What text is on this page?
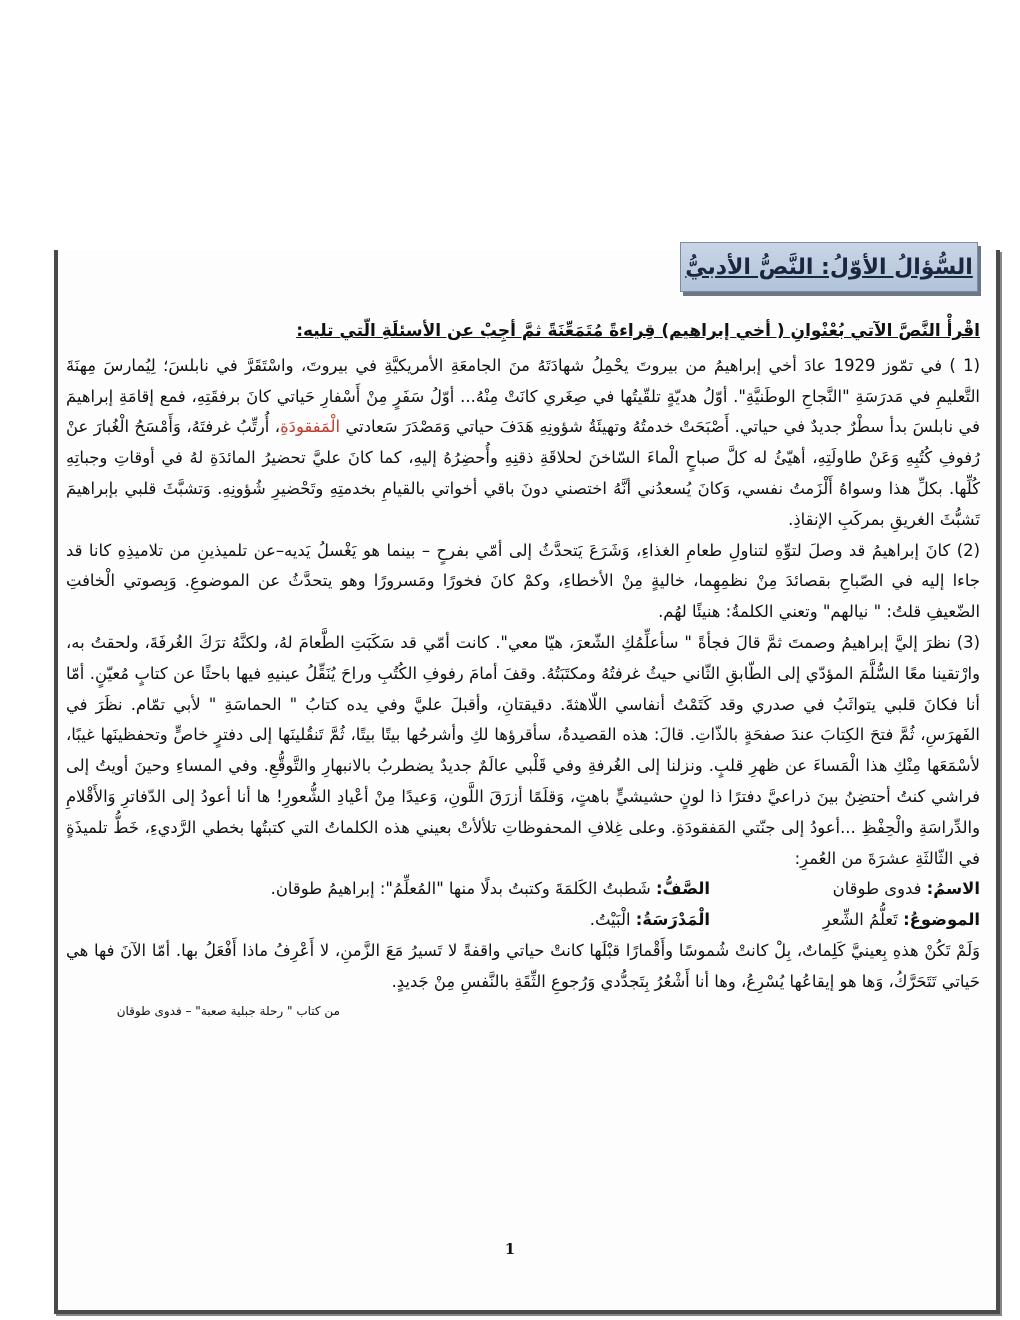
السُّؤالُ الأوّلُ: النَّصُّ الأدبيُّ

اقْرأْ النَّصَّ الآتي بُعْنْوانِ ( أخي إبراهيم) قِراءةً مُتَمَعِّنَةً ثمَّ أجِبْ عن الأسئلَةِ الّتي تليه:

(1 ) في تمّوز 1929 عادَ أخي إبراهيمُ من بيروتَ يحْمِلُ شهادَتَهُ منَ الجامعَةِ الأمريكيَّةِ في بيروتَ، واسْتَقَرَّ في نابلسَ؛ لِيُمارسَ مِهنَةَ التَّعليمِ في مَدرَسَةِ "النَّجاحِ الوطَنيَّةِ". أوّلُ هديّةٍ تلقّيتُها في صِغَري كانَتْ مِنْهُ... أوّلُ سَفَرٍ مِنْ أَسْفارِ حَياتي كانَ برفقَتِهِ، فمع إقامَةِ إبراهيمَ في نابلسَ بدأ سطْرٌ جديدٌ في حياتي. أَصْبَحَتْ خدمتُهُ وتهيئَةُ شؤونِهِ هَدَفَ حياتي وَمَصْدَرَ سَعادتي الْمَفقودَةِ، أُرتِّبُ غرفتَهُ، وَأَمْسَحُ الْغُبارَ عنْ رُفوفِ كُتُبِهِ وَعَنْ طاولَتِهِ، أهيّئُ له كلَّ صباحٍ الْماءَ السّاخنَ لحلاقَةِ ذقنِهِ وأُحضِرُهُ إليهِ، كما كانَ عليَّ تحضيرُ المائدَةِ لهُ في أوقاتِ وجباتِهِ كُلِّها. بكلِّ هذا وسواهُ أَلْزَمتُ نفسي، وَكانَ يُسعدُني أنَّهُ اختصني دونَ باقي أخواتي بالقيامِ بخدمتِهِ وتَحْضيرِ شُؤونِهِ. وَتشبَّثَ قلبي بإبراهيمَ تَشبُّثَ الغريقِ بمركَبِ الإنقاذِ.

(2) كانَ إبراهيمُ قد وصلَ لتوِّهِ لتناولِ طعامِ الغذاءِ، وَشَرَعَ يَتحدَّثُ إلى أمّي بفرحٍ – بينما هو يَغْسلُ يَديه–عن تلميذينِ من تلاميذِهِ كانا قد جاءا إليه في الصّباحِ بقصائدَ مِنْ نظمِهِما، خاليةٍ مِنْ الأخطاءِ، وكمْ كانَ فخورًا ومَسرورًا وهو يتحدَّثُ عن الموضوعِ. وَبِصوتي الْخافتِ الضّعيفِ قلتُ: " نيالهم" وتعني الكلمةُ: هنيئًا لهُم.

(3) نظرَ إليَّ إبراهيمُ وصمتَ ثمَّ قالَ فجأةً " سأعلِّمُكِ الشّعرَ، هيّا معي". كانت أمّي قد سَكَبَتِ الطَّعامَ لهُ، ولكنَّهُ ترَكَ الغُرفَةَ، ولحقتُ به، وارْتقينا معًا السُّلَّمَ المؤدّي إلى الطّابقِ الثّاني حيثُ غرفتُهُ ومكتَبَتُهُ. وقفَ أمامَ رفوفِ الكُتُبِ وراحَ يُنَقِّلُ عينيهِ فيها باحثًا عن كتابٍ مُعيّنٍ. أمّا أنا فكانَ قلبي يتواثَبُ في صدري وقد كَتَمْتُ أنفاسي اللّاهثةَ. دقيقتانِ، وأقبلَ عليَّ وفي يده كتابُ " الحماسَةِ " لأبي تمّام. نظَرَ في الفَهرَسِ، ثُمَّ فتحَ الكِتابَ عندَ صفحَةٍ بالذّاتِ. قالَ: هذه القصيدةُ، سأقرؤها لكِ وأشرحُها بيتًا بيتًا، ثُمَّ تَنقُلينَها إلى دفترٍ خاصٍّ وتحفظينَها غيبًا، لأسْمَعَها مِنْكِ هذا الْمَساءَ عن ظهرِ قلبٍ. ونزلنا إلى الغُرفةِ وفي قَلْبي عالَمٌ جديدٌ يضطربُ بالانبهارِ والتَّوقُّعِ. وفي المساءِ وحينَ أويتُ إلى فراشي كنتُ أحتضِنُ بينَ ذراعيَّ دفترًا ذا لونٍ حشيشيٍّ باهتٍ، وَقلَمًا أزرَقَ اللَّونِ، وَعيدًا مِنْ أعْيادِ الشُّعورِ! ها أنا أعودُ إلى الدّفاترِ وَالأَقْلامِ والدِّراسَةِ والْحِفْظِ ...أعودُ إلى جنّتي المَفقودَةِ. وعلى غِلافِ المحفوظاتِ تلألأتْ بعيني هذه الكلماتُ التي كتبتُها بخطي الرَّديءِ، خَطُّ تلميذَةٍ في الثّالثَةِ عشرَةَ من العُمرِ:

الاسمُ: فدوى طوقان
الصَّفُّ: شَطبتُ الكَلمَةَ وكتبتُ بدلًا منها "المُعلِّمُ": إبراهيمُ طوقان.
الموضوعُ: تَعلُّمُ الشِّعرِ
الْمَدْرَسَةُ: الْبَيْتُ.

وَلَمْ تَكُنْ هذهِ بِعينيَّ كَلِماتٌ، بِلْ كانتْ شُموسًا وأَقْمارًا قبْلَها كانتْ حياتي واقفةً لا تَسيرُ مَعَ الزَّمنِ، لا أَعْرِفُ ماذا أَفْعَلُ بها. أمّا الآنَ فها هي حَياتي تَتَحَرَّكُ، وَها هو إيقاعُها يُسْرِعُ، وها أنا أَشْعُرُ بِتَجدُّدي وَرُجوعِ الثِّقَةِ بالنَّفسِ مِنْ جَديدٍ.

من كتاب " رحلة جبلية صعبة" – فدوى طوقان
1
